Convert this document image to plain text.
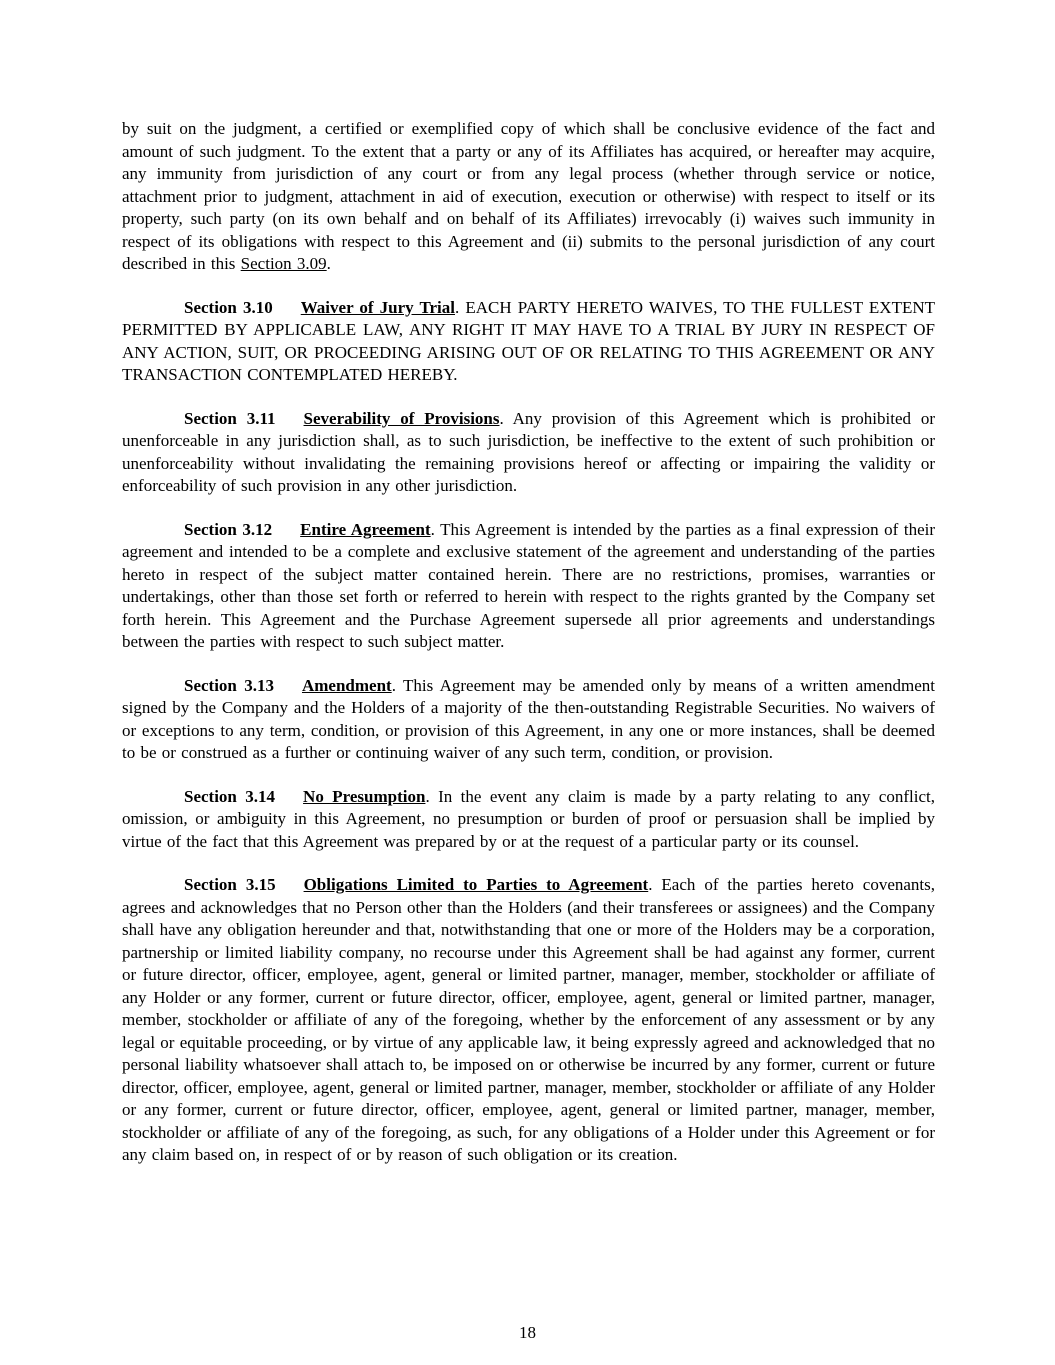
by suit on the judgment, a certified or exemplified copy of which shall be conclusive evidence of the fact and amount of such judgment. To the extent that a party or any of its Affiliates has acquired, or hereafter may acquire, any immunity from jurisdiction of any court or from any legal process (whether through service or notice, attachment prior to judgment, attachment in aid of execution, execution or otherwise) with respect to itself or its property, such party (on its own behalf and on behalf of its Affiliates) irrevocably (i) waives such immunity in respect of its obligations with respect to this Agreement and (ii) submits to the personal jurisdiction of any court described in this Section 3.09.

Section 3.10 Waiver of Jury Trial. EACH PARTY HERETO WAIVES, TO THE FULLEST EXTENT PERMITTED BY APPLICABLE LAW, ANY RIGHT IT MAY HAVE TO A TRIAL BY JURY IN RESPECT OF ANY ACTION, SUIT, OR PROCEEDING ARISING OUT OF OR RELATING TO THIS AGREEMENT OR ANY TRANSACTION CONTEMPLATED HEREBY.

Section 3.11 Severability of Provisions. Any provision of this Agreement which is prohibited or unenforceable in any jurisdiction shall, as to such jurisdiction, be ineffective to the extent of such prohibition or unenforceability without invalidating the remaining provisions hereof or affecting or impairing the validity or enforceability of such provision in any other jurisdiction.

Section 3.12 Entire Agreement. This Agreement is intended by the parties as a final expression of their agreement and intended to be a complete and exclusive statement of the agreement and understanding of the parties hereto in respect of the subject matter contained herein. There are no restrictions, promises, warranties or undertakings, other than those set forth or referred to herein with respect to the rights granted by the Company set forth herein. This Agreement and the Purchase Agreement supersede all prior agreements and understandings between the parties with respect to such subject matter.

Section 3.13 Amendment. This Agreement may be amended only by means of a written amendment signed by the Company and the Holders of a majority of the then-outstanding Registrable Securities. No waivers of or exceptions to any term, condition, or provision of this Agreement, in any one or more instances, shall be deemed to be or construed as a further or continuing waiver of any such term, condition, or provision.

Section 3.14 No Presumption. In the event any claim is made by a party relating to any conflict, omission, or ambiguity in this Agreement, no presumption or burden of proof or persuasion shall be implied by virtue of the fact that this Agreement was prepared by or at the request of a particular party or its counsel.

Section 3.15 Obligations Limited to Parties to Agreement. Each of the parties hereto covenants, agrees and acknowledges that no Person other than the Holders (and their transferees or assignees) and the Company shall have any obligation hereunder and that, notwithstanding that one or more of the Holders may be a corporation, partnership or limited liability company, no recourse under this Agreement shall be had against any former, current or future director, officer, employee, agent, general or limited partner, manager, member, stockholder or affiliate of any Holder or any former, current or future director, officer, employee, agent, general or limited partner, manager, member, stockholder or affiliate of any of the foregoing, whether by the enforcement of any assessment or by any legal or equitable proceeding, or by virtue of any applicable law, it being expressly agreed and acknowledged that no personal liability whatsoever shall attach to, be imposed on or otherwise be incurred by any former, current or future director, officer, employee, agent, general or limited partner, manager, member, stockholder or affiliate of any Holder or any former, current or future director, officer, employee, agent, general or limited partner, manager, member, stockholder or affiliate of any of the foregoing, as such, for any obligations of a Holder under this Agreement or for any claim based on, in respect of or by reason of such obligation or its creation.

18
